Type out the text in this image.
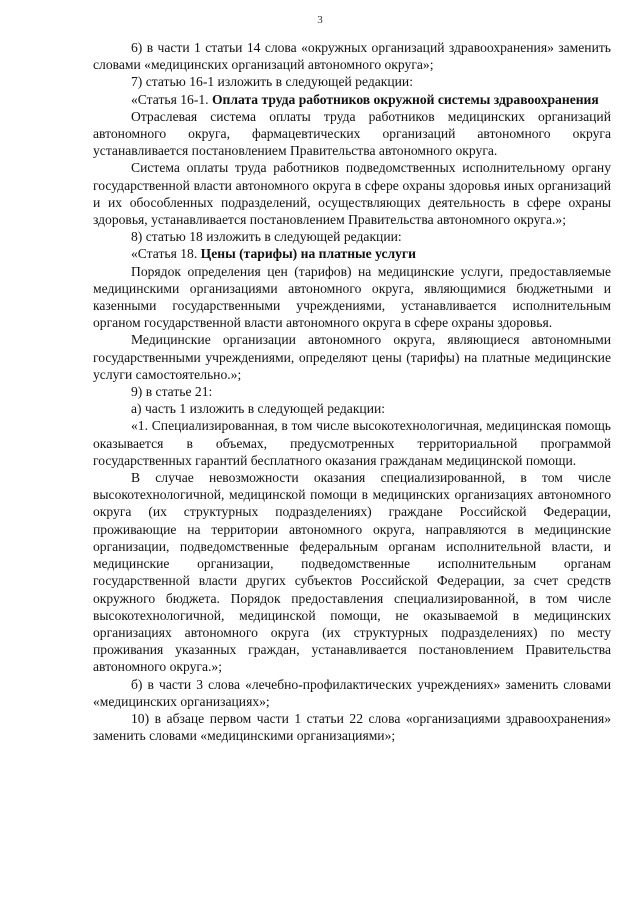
3

6) в части 1 статьи 14 слова «окружных организаций здравоохранения» заменить словами «медицинских организаций автономного округа»;

7) статью 16-1 изложить в следующей редакции:

«Статья 16-1. Оплата труда работников окружной системы здравоохранения

Отраслевая система оплаты труда работников медицинских организаций автономного округа, фармацевтических организаций автономного округа устанавливается постановлением Правительства автономного округа.

Система оплаты труда работников подведомственных исполнительному органу государственной власти автономного округа в сфере охраны здоровья иных организаций и их обособленных подразделений, осуществляющих деятельность в сфере охраны здоровья, устанавливается постановлением Правительства автономного округа.»;

8) статью 18 изложить в следующей редакции:

«Статья 18. Цены (тарифы) на платные услуги

Порядок определения цен (тарифов) на медицинские услуги, предоставляемые медицинскими организациями автономного округа, являющимися бюджетными и казенными государственными учреждениями, устанавливается исполнительным органом государственной власти автономного округа в сфере охраны здоровья.

Медицинские организации автономного округа, являющиеся автономными государственными учреждениями, определяют цены (тарифы) на платные медицинские услуги самостоятельно.»;

9) в статье 21:

а) часть 1 изложить в следующей редакции:

«1. Специализированная, в том числе высокотехнологичная, медицинская помощь оказывается в объемах, предусмотренных территориальной программой государственных гарантий бесплатного оказания гражданам медицинской помощи.

В случае невозможности оказания специализированной, в том числе высокотехнологичной, медицинской помощи в медицинских организациях автономного округа (их структурных подразделениях) граждане Российской Федерации, проживающие на территории автономного округа, направляются в медицинские организации, подведомственные федеральным органам исполнительной власти, и медицинские организации, подведомственные исполнительным органам государственной власти других субъектов Российской Федерации, за счет средств окружного бюджета. Порядок предоставления специализированной, в том числе высокотехнологичной, медицинской помощи, не оказываемой в медицинских организациях автономного округа (их структурных подразделениях) по месту проживания указанных граждан, устанавливается постановлением Правительства автономного округа.»;

б) в части 3 слова «лечебно-профилактических учреждениях» заменить словами «медицинских организациях»;

10) в абзаце первом части 1 статьи 22 слова «организациями здравоохранения» заменить словами «медицинскими организациями»;
